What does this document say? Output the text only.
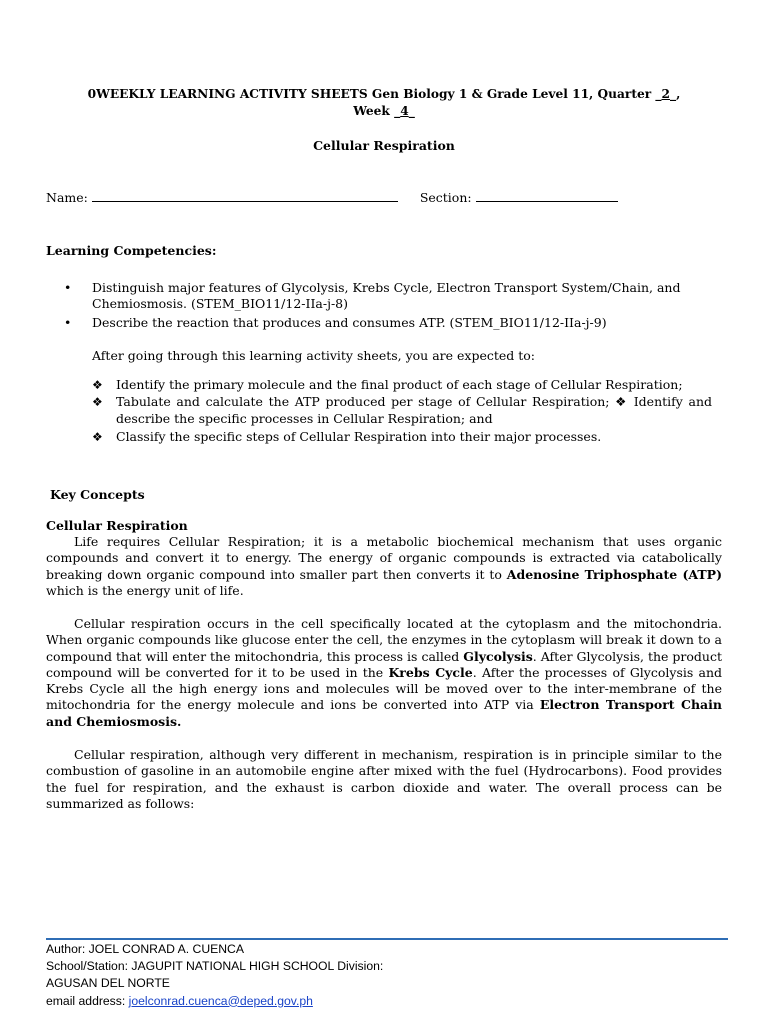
0WEEKLY LEARNING ACTIVITY SHEETS Gen Biology 1 & Grade Level 11, Quarter _2_,
Week _4_
Cellular Respiration
Name:	Section:
Learning Competencies:
•	Distinguish major features of Glycolysis, Krebs Cycle, Electron Transport System/Chain, and Chemiosmosis. (STEM_BIO11/12-IIa-j-8)
•	Describe the reaction that produces and consumes ATP. (STEM_BIO11/12-IIa-j-9)
After going through this learning activity sheets, you are expected to:
❖	Identify the primary molecule and the final product of each stage of Cellular Respiration;
❖	Tabulate and calculate the ATP produced per stage of Cellular Respiration; ❖ Identify and describe the specific processes in Cellular Respiration; and
❖	Classify the specific steps of Cellular Respiration into their major processes.
Key Concepts
Cellular Respiration
Life requires Cellular Respiration; it is a metabolic biochemical mechanism that uses organic compounds and convert it to energy. The energy of organic compounds is extracted via catabolically breaking down organic compound into smaller part then converts it to Adenosine Triphosphate (ATP) which is the energy unit of life.
Cellular respiration occurs in the cell specifically located at the cytoplasm and the mitochondria. When organic compounds like glucose enter the cell, the enzymes in the cytoplasm will break it down to a compound that will enter the mitochondria, this process is called Glycolysis. After Glycolysis, the product compound will be converted for it to be used in the Krebs Cycle. After the processes of Glycolysis and Krebs Cycle all the high energy ions and molecules will be moved over to the inter-membrane of the mitochondria for the energy molecule and ions be converted into ATP via Electron Transport Chain and Chemiosmosis.
Cellular respiration, although very different in mechanism, respiration is in principle similar to the combustion of gasoline in an automobile engine after mixed with the fuel (Hydrocarbons). Food provides the fuel for respiration, and the exhaust is carbon dioxide and water. The overall process can be summarized as follows:
Author: JOEL CONRAD A. CUENCA
School/Station: JAGUPIT NATIONAL HIGH SCHOOL Division:
AGUSAN DEL NORTE
email address: joelconrad.cuenca@deped.gov.ph
